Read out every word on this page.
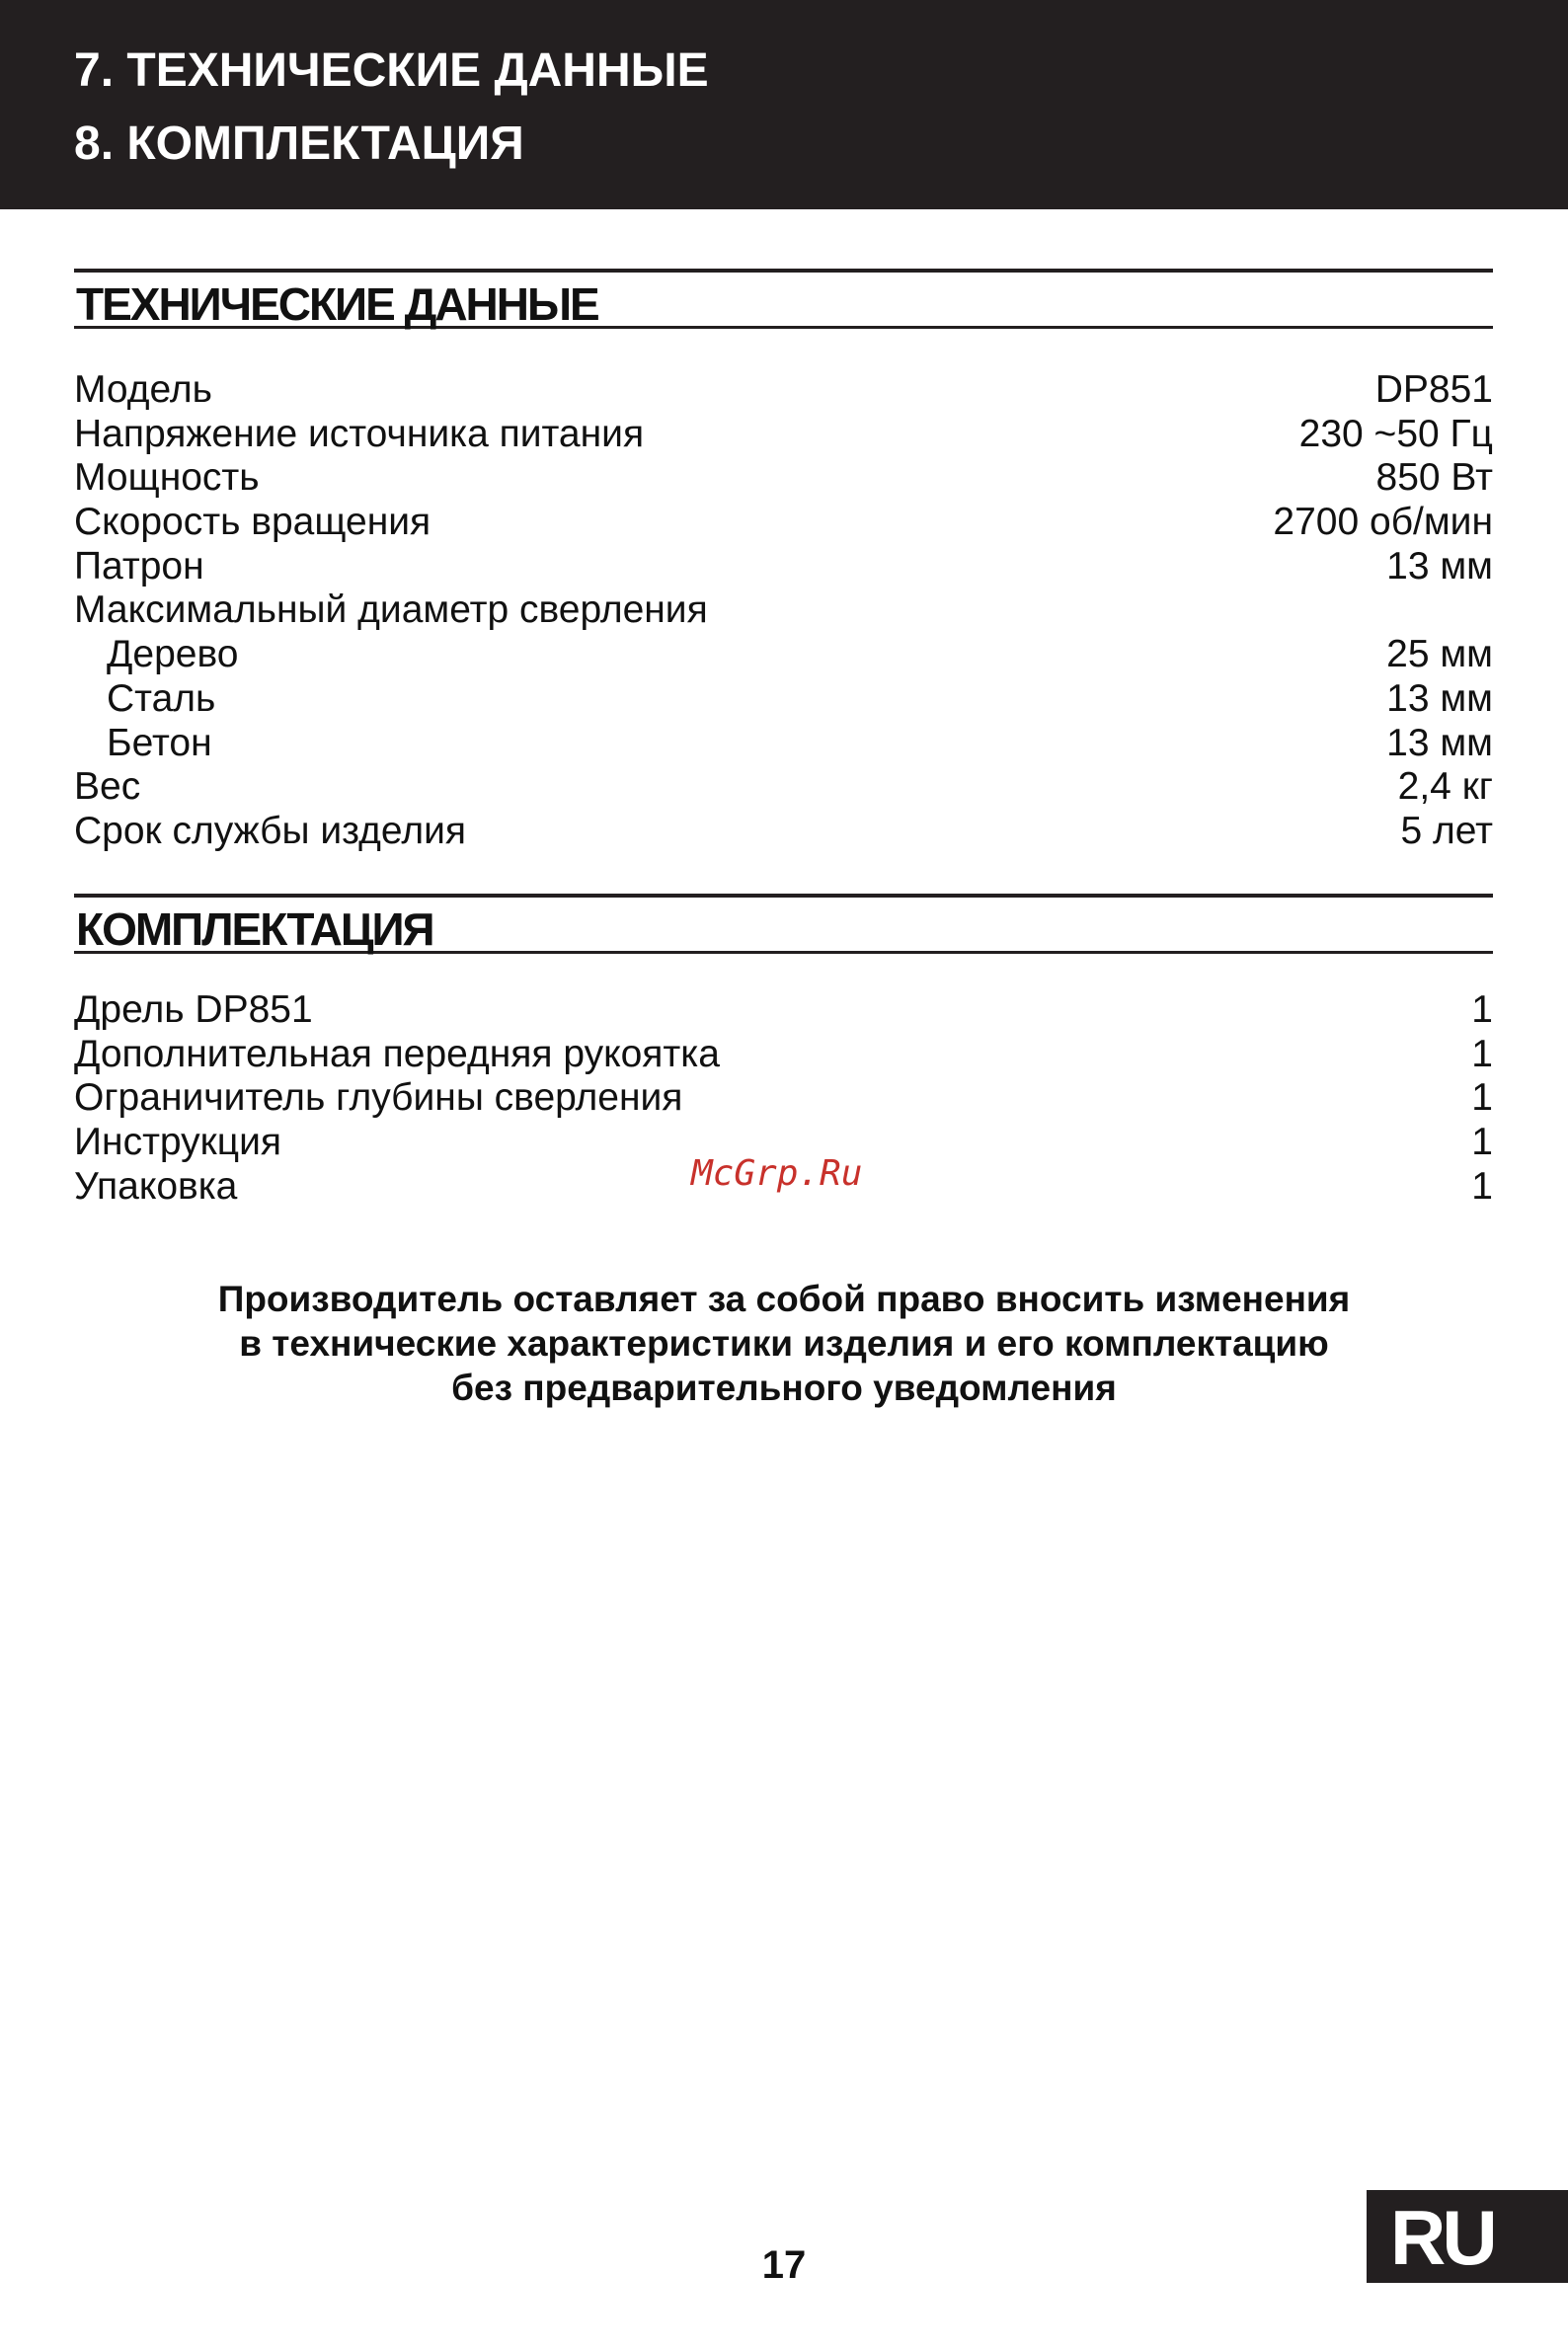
7. ТЕХНИЧЕСКИЕ ДАННЫЕ
8. КОМПЛЕКТАЦИЯ
ТЕХНИЧЕСКИЕ ДАННЫЕ
Модель	DP851
Напряжение источника питания	230 ~50 Гц
Мощность	850 Вт
Скорость вращения	2700 об/мин
Патрон	13 мм
Максимальный диаметр сверления
Дерево	25 мм
Сталь	13 мм
Бетон	13 мм
Вес	2,4 кг
Срок службы изделия	5 лет
КОМПЛЕКТАЦИЯ
Дрель DP851	1
Дополнительная передняя рукоятка	1
Ограничитель глубины сверления	1
Инструкция	1
Упаковка	1
McGrp.Ru
Производитель оставляет за собой право вносить изменения
в технические характеристики изделия и его комплектацию
без предварительного уведомления
RU
17
